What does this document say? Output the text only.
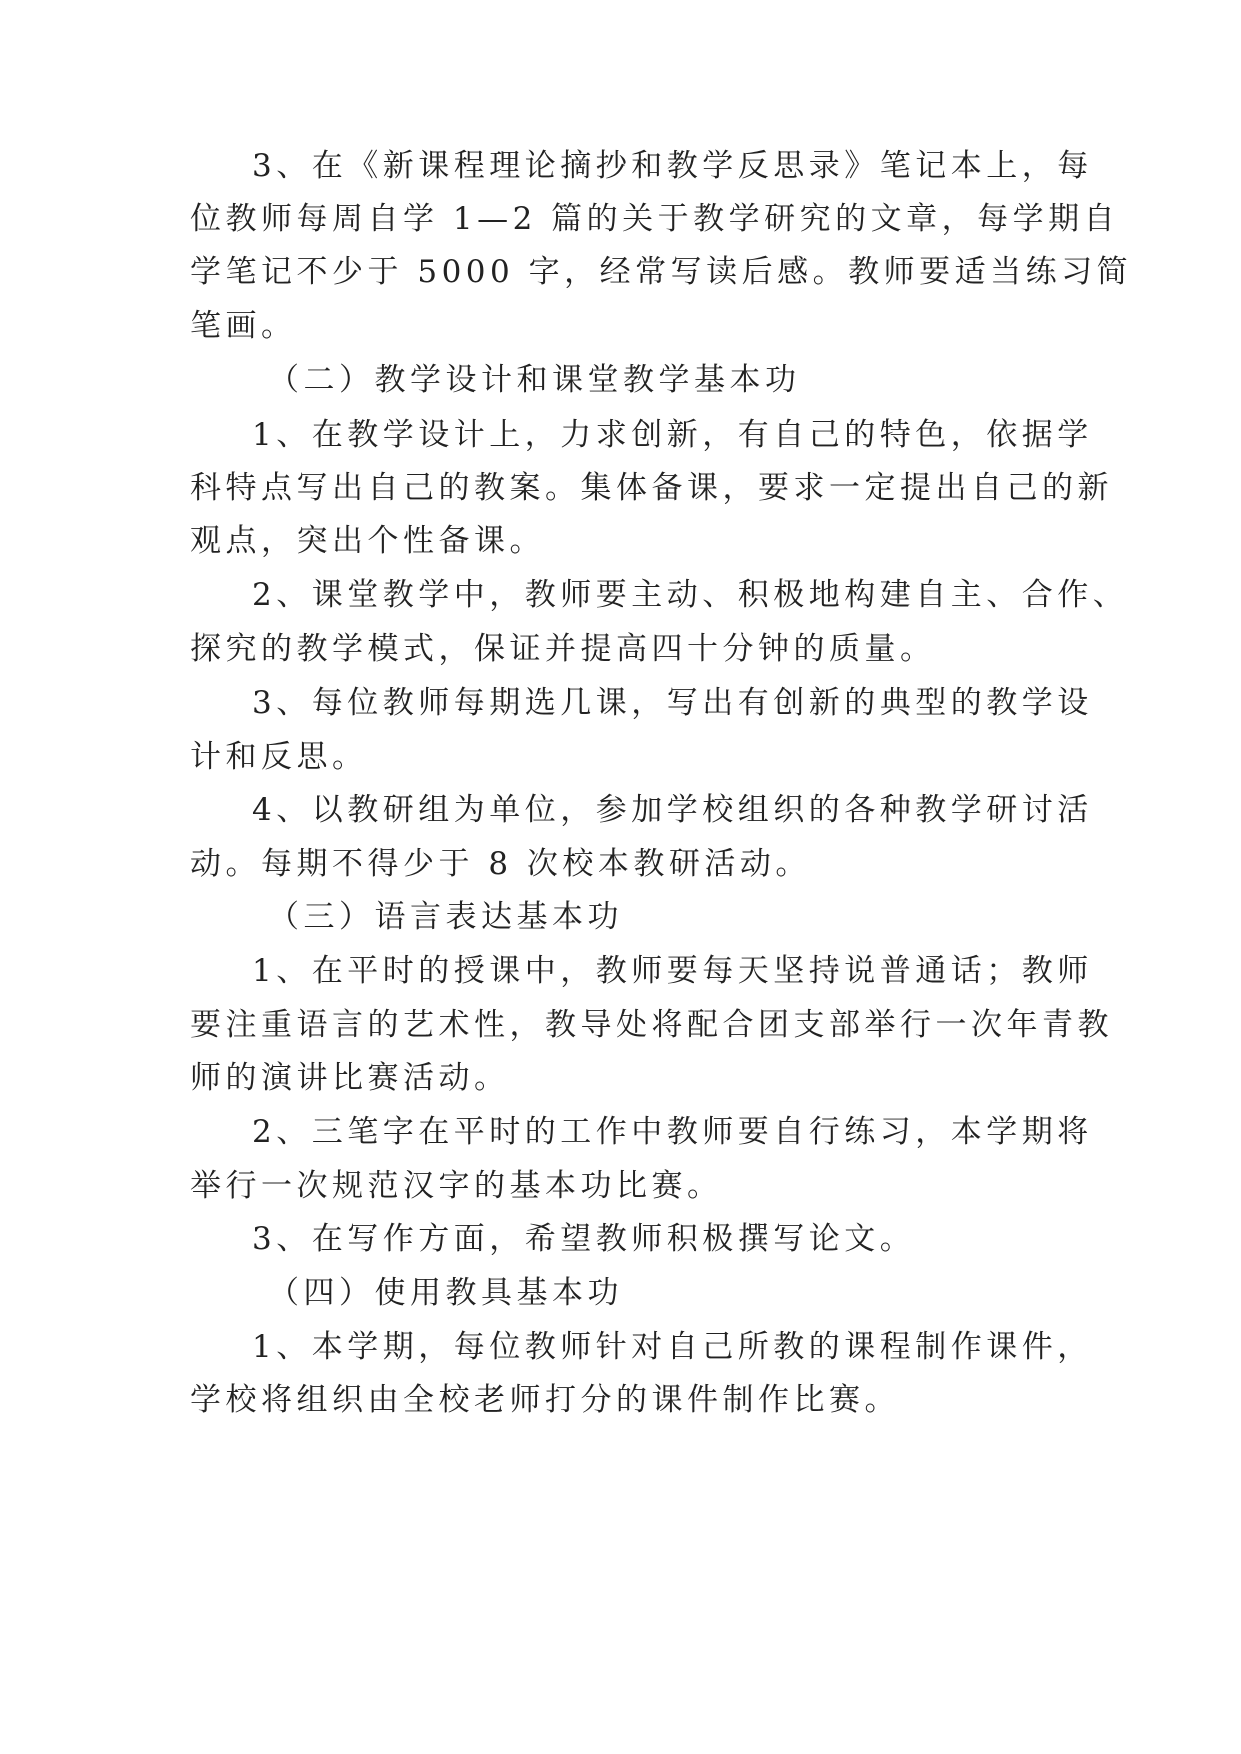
3、在《新课程理论摘抄和教学反思录》笔记本上，每
位教师每周自学 1—2 篇的关于教学研究的文章，每学期自
学笔记不少于 5000 字，经常写读后感。教师要适当练习简
笔画。
（二）教学设计和课堂教学基本功
1、在教学设计上，力求创新，有自己的特色，依据学
科特点写出自己的教案。集体备课，要求一定提出自己的新
观点，突出个性备课。
2、课堂教学中，教师要主动、积极地构建自主、合作、
探究的教学模式，保证并提高四十分钟的质量。
3、每位教师每期选几课，写出有创新的典型的教学设
计和反思。
4、以教研组为单位，参加学校组织的各种教学研讨活
动。每期不得少于 8 次校本教研活动。
（三）语言表达基本功
1、在平时的授课中，教师要每天坚持说普通话；教师
要注重语言的艺术性，教导处将配合团支部举行一次年青教
师的演讲比赛活动。
2、三笔字在平时的工作中教师要自行练习，本学期将
举行一次规范汉字的基本功比赛。
3、在写作方面，希望教师积极撰写论文。
（四）使用教具基本功
1、本学期，每位教师针对自己所教的课程制作课件，
学校将组织由全校老师打分的课件制作比赛。
